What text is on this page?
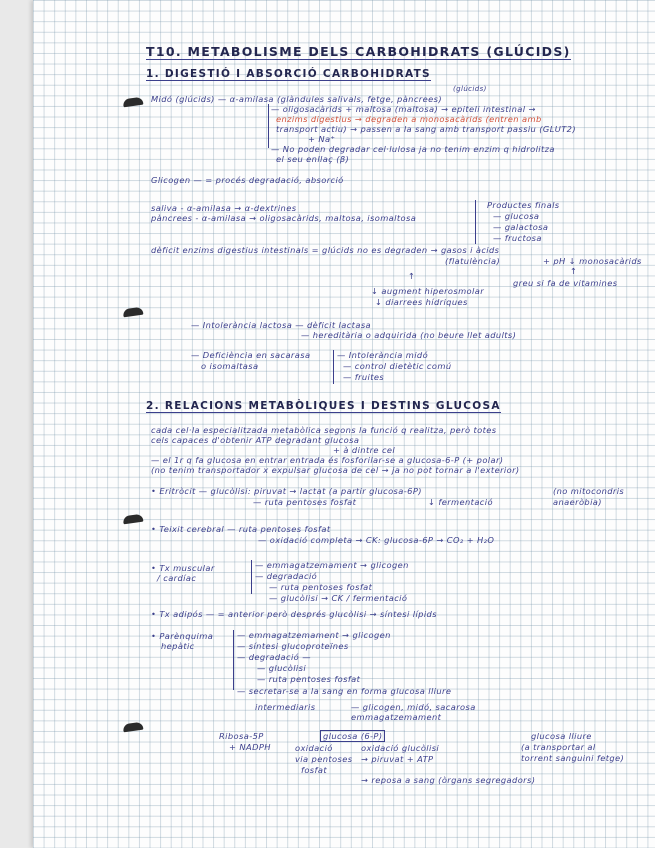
T10. METABOLISME DELS CARBOHIDRATS (GLÚCIDS)
1. DIGESTIÓ I ABSORCIÓ CARBOHIDRATS
(glúcids)
Midó (glúcids) — α-amilasa (glàndules salivals, fetge, pàncrees)
— oligosacàrids + maltosa (maltosa) → epiteli intestinal →
enzims digestius → degraden a monosacàrids (entren amb
transport actiu) → passen a la sang amb transport passiu (GLUT2)
+ Na⁺
— No poden degradar cel·lulosa ja no tenim enzim q hidrolitza
el seu enllaç (β)
Glicogen — = procés degradació, absorció
saliva - α-amilasa → α-dextrines
pàncrees - α-amilasa → oligosacàrids, maltosa, isomaltosa
Productes finals
— glucosa
— galactosa
— fructosa
dèficit enzims digestius intestinals = glúcids no es degraden → gasos i àcids
(flatulència)	+ pH ↓ monosacàrids
↑
greu si fa de vitamines
↑
↓ augment hiperosmolar
↓ diarrees hídriques
— Intolerància lactosa — dèficit lactasa
— hereditària o adquirida (no beure llet adults)
— Deficiència en sacarasa
o isomaltasa
— Intolerància midó
— control dietètic comú
— fruites
2. RELACIONS METABÒLIQUES I DESTINS GLUCOSA
cada cel·la especialitzada metabòlica segons la funció q realitza, però totes
cels capaces d'obtenir ATP degradant glucosa
+ à dintre cel
— el 1r q fa glucosa en entrar entrada és fosforilar-se a glucosa-6-P (+ polar)
(no tenim transportador x expulsar glucosa de cel → ja no pot tornar a l'exterior)
• Eritròcit — glucòlisi: piruvat → lactat (a partir glucosa-6P)
— ruta pentoses fosfat
(no mitocondris
anaeròbia)
↓ fermentació
• Teixit cerebral — ruta pentoses fosfat
— oxidació completa → CK: glucosa-6P → CO₂ + H₂O
• Tx muscular
/ cardíac
— emmagatzemament → glicogen
— degradació
— ruta pentoses fosfat
— glucòlisi → CK / fermentació
• Tx adipós — = anterior però després glucòlisi → síntesi lípids
• Parènquima
hepàtic
— emmagatzemament → glicogen
— síntesi glucoproteïnes
— degradació —
— glucòlisi
— ruta pentoses fosfat
— secretar-se a la sang en forma glucosa lliure
intermediaris	— glicogen, midó, sacarosa
emmagatzemament
Ribosa-5P
+ NADPH
glucosa (6-P)
oxidació
via pentoses
fosfat
oxidació glucòlisi
→ piruvat + ATP
glucosa lliure
(a transportar al
torrent sanguini fetge)
→ reposa a sang (òrgans segregadors)
